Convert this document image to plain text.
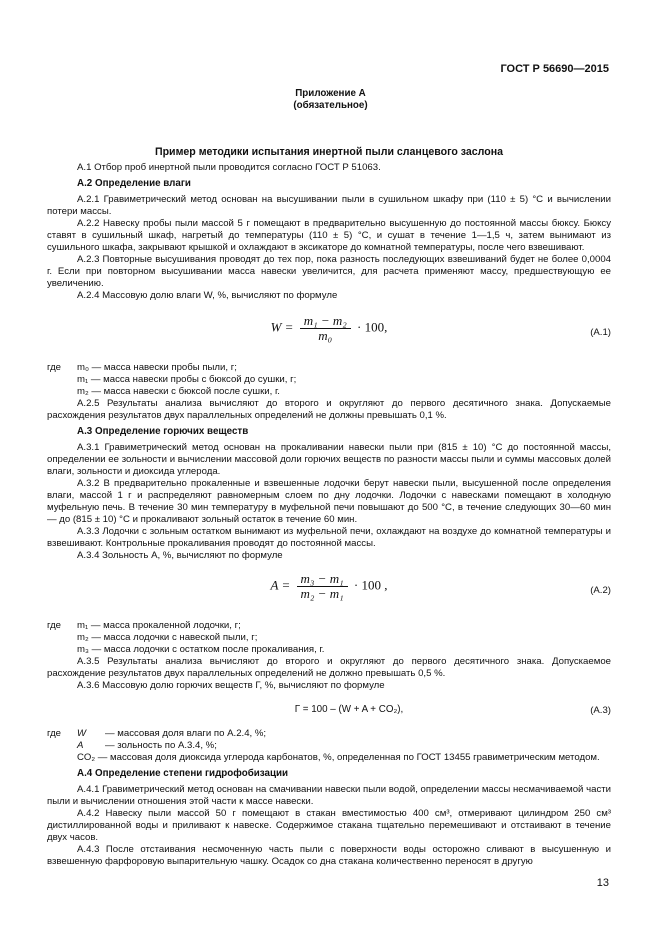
ГОСТ Р 56690—2015
Приложение А
(обязательное)
Пример методики испытания инертной пыли сланцевого заслона

А.1 Отбор проб инертной пыли проводится согласно ГОСТ Р 51063.

А.2 Определение влаги

А.2.1 Гравиметрический метод основан на высушивании пыли в сушильном шкафу при (110 ± 5) °С и вычислении потери массы.

А.2.2 Навеску пробы пыли массой 5 г помещают в предварительно высушенную до постоянной массы бюксу. Бюксу ставят в сушильный шкаф, нагретый до температуры (110 ± 5) °С, и сушат в течение 1—1,5 ч, затем вынимают из сушильного шкафа, закрывают крышкой и охлаждают в эксикаторе до комнатной температуры, после чего взвешивают.

А.2.3 Повторные высушивания проводят до тех пор, пока разность последующих взвешиваний будет не более 0,0004 г. Если при повторном высушивании масса навески увеличится, для расчета применяют массу, предшествующую ее увеличению.

А.2.4 Массовую долю влаги W, %, вычисляют по формуле

$W = \frac{\text{m₁ − m₂}}{\text{m₀}} \cdot 100$,	(А.1)
где	m₀ — масса навески пробы пыли, г;
m₁ — масса навески пробы с бюксой до сушки, г;
m₂ — масса навески с бюксой после сушки, г.

А.2.5 Результаты анализа вычисляют до второго и округляют до первого десятичного знака. Допускаемые расхождения результатов двух параллельных определений не должны превышать 0,1 %.

А.3 Определение горючих веществ

А.3.1 Гравиметрический метод основан на прокаливании навески пыли при (815 ± 10) °С до постоянной массы, определении ее зольности и вычислении массовой доли горючих веществ по разности массы пыли и суммы массовых долей влаги, зольности и диоксида углерода.

А.3.2 В предварительно прокаленные и взвешенные лодочки берут навески пыли, высушенной после определения влаги, массой 1 г и распределяют равномерным слоем по дну лодочки. Лодочки с навесками помещают в холодную муфельную печь. В течение 30 мин температуру в муфельной печи повышают до 500 °С, в течение следующих 30—60 мин — до (815 ± 10) °С и прокаливают зольный остаток в течение 60 мин.

А.3.3 Лодочки с зольным остатком вынимают из муфельной печи, охлаждают на воздухе до комнатной температуры и взвешивают. Контрольные прокаливания проводят до постоянной массы.

А.3.4 Зольность A, %, вычисляют по формуле

$A = \frac{\text{m₃ − m₁}}{\text{m₂ − m₁}} \cdot 100$ ,	(А.2)
где	m₁ — масса прокаленной лодочки, г;
m₂ — масса лодочки с навеской пыли, г;
m₃ — масса лодочки с остатком после прокаливания, г.

А.3.5 Результаты анализа вычисляют до второго и округляют до первого десятичного знака. Допускаемое расхождение результатов двух параллельных определений не должно превышать 0,5 %.

А.3.6 Массовую долю горючих веществ Г, %, вычисляют по формуле

Г = 100 – (W + A + CO₂),	(А.3)
где	W — массовая доля влаги по А.2.4, %;
A — зольность по А.3.4, %;

CO₂ — массовая доля диоксида углерода карбонатов, %, определенная по ГОСТ 13455 гравиметрическим методом.

А.4 Определение степени гидрофобизации

А.4.1 Гравиметрический метод основан на смачивании навески пыли водой, определении массы несмачиваемой части пыли и вычислении отношения этой части к массе навески.

А.4.2 Навеску пыли массой 50 г помещают в стакан вместимостью 400 см³, отмеривают цилиндром 250 см³ дистиллированной воды и приливают к навеске. Содержимое стакана тщательно перемешивают и отстаивают в течение двух часов.

А.4.3 После отстаивания несмоченную часть пыли с поверхности воды осторожно сливают в высушенную и взвешенную фарфоровую выпарительную чашку. Осадок со дна стакана количественно переносят в другую

13
